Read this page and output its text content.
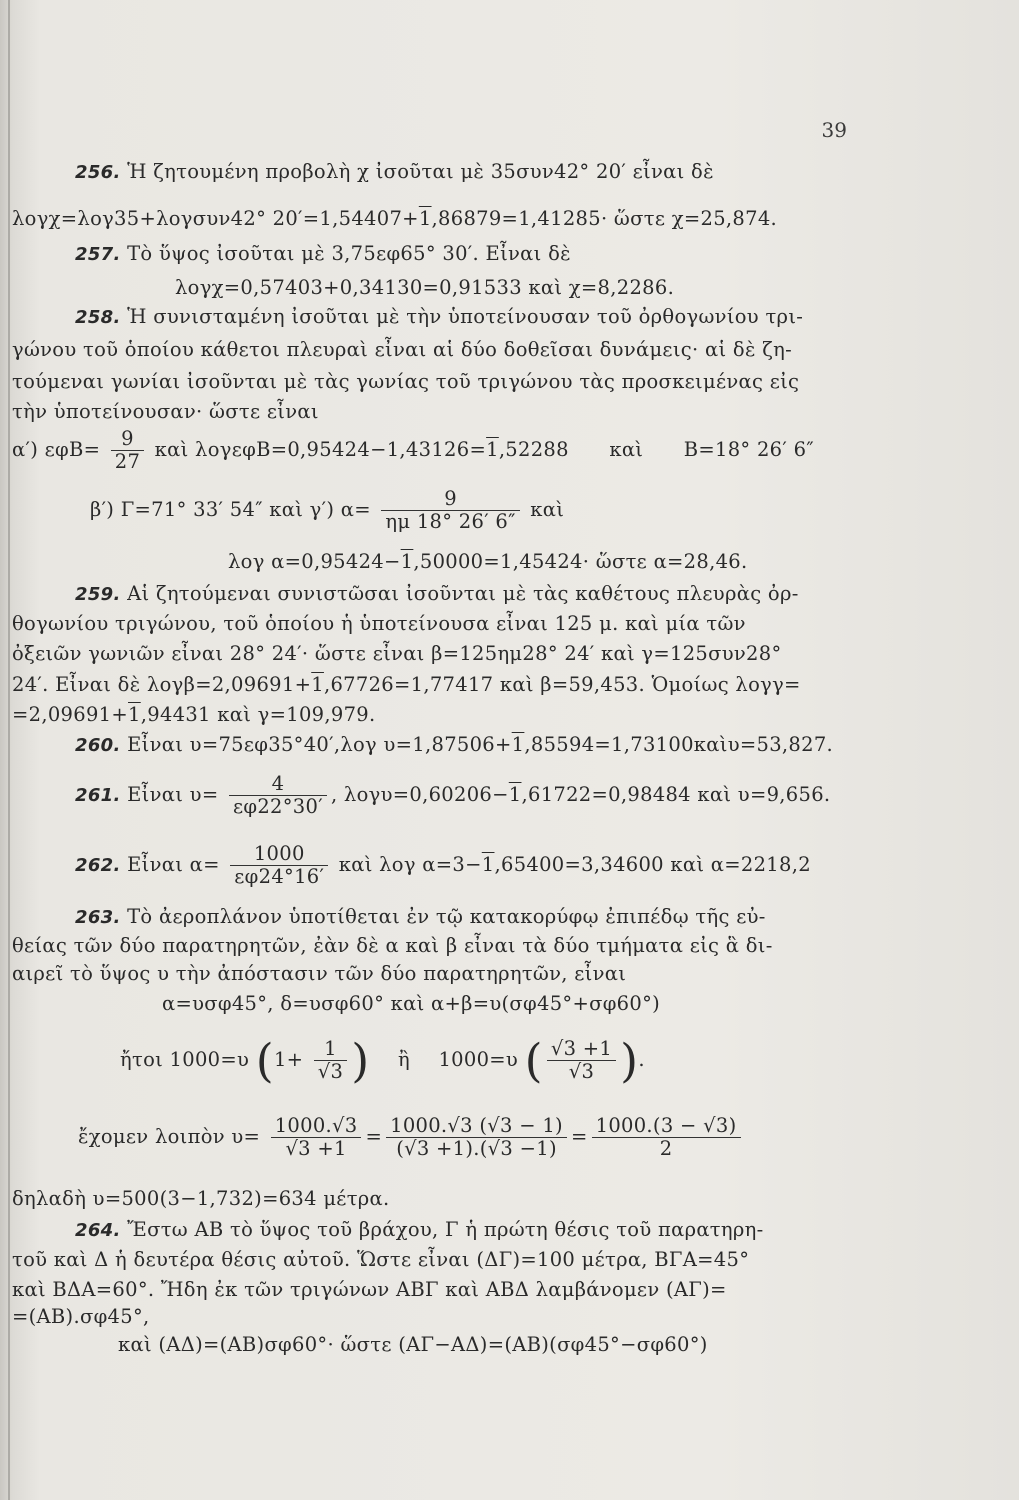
39
256. Ἡ ζητουμένη προβολὴ χ ἰσοῦται μὲ 35συν42° 20′ εἶναι δὲ
λογχ=λογ35+λογσυν42° 20′=1,54407+1,86879=1,41285· ὥστε χ=25,874.
257. Τὸ ὕψος ἰσοῦται μὲ 3,75εφ65° 30′. Εἶναι δὲ
λογχ=0,57403+0,34130=0,91533 καὶ χ=8,2286.
258. Ἡ συνισταμένη ἰσοῦται μὲ τὴν ὑποτείνουσαν τοῦ ὀρθογωνίου τρι-
γώνου τοῦ ὁποίου κάθετοι πλευραὶ εἶναι αἱ δύο δοθεῖσαι δυνάμεις· αἱ δὲ ζη-
τούμεναι γωνίαι ἰσοῦνται μὲ τὰς γωνίας τοῦ τριγώνου τὰς προσκειμένας εἰς
τὴν ὑποτείνουσαν· ὥστε εἶναι
α′) $\varepsilon\varphi B= \frac{9}{27}$ καὶ λογεφB=0,95424−1,43126=1,52288 καὶ B=18° 26′ 6″
β′) Γ=71° 33′ 54″ καὶ γ′) $\alpha= \frac{9}{\eta\mu 18^\circ 26' 6''}$ καὶ
λογ α=0,95424−1,50000=1,45424· ὥστε α=28,46.
259. Αἱ ζητούμεναι συνιστῶσαι ἰσοῦνται μὲ τὰς καθέτους πλευρὰς ὀρ-
θογωνίου τριγώνου, τοῦ ὁποίου ἡ ὑποτείνουσα εἶναι 125 μ. καὶ μία τῶν
ὀξειῶν γωνιῶν εἶναι 28° 24′· ὥστε εἶναι β=125ημ28° 24′ καὶ γ=125συν28°
24′. Εἶναι δὲ λογβ=2,09691+1,67726=1,77417 καὶ β=59,453. Ὁμοίως λογγ=
=2,09691+1,94431 καὶ γ=109,979.
260. Εἶναι υ=75εφ35°40′,λογ υ=1,87506+1,85594=1,73100καὶυ=53,827.
261. Εἶναι $\upsilon= \frac{4}{\varepsilon\varphi 22^\circ 30'}$ , λογυ=0,60206−1,61722=0,98484 καὶ υ=9,656.
262. Εἶναι $\alpha= \frac{1000}{\varepsilon\varphi 24^\circ 16'}$ καὶ λογ α=3−1,65400=3,34600 καὶ α=2218,2
263. Τὸ ἀεροπλάνον ὑποτίθεται ἐν τῷ κατακορύφῳ ἐπιπέδῳ τῆς εὐ-
θείας τῶν δύο παρατηρητῶν, ἐὰν δὲ α καὶ β εἶναι τὰ δύο τμήματα εἰς ἃ δι-
αιρεῖ τὸ ὕψος υ τὴν ἀπόστασιν τῶν δύο παρατηρητῶν, εἶναι
α=υσφ45°, δ=υσφ60° καὶ α+β=υ(σφ45°+σφ60°)
ἤτοι 1000=υ ($1+ \frac{1}{√3}$ ) ἢ 1000=υ ( $\frac{√3 +1}{√3}$ ).
ἔχομεν λοιπὸν $\upsilon= \frac{1000.√3}{√3 +1} = \frac{1000.√3 (√3 - 1)}{(√3 +1).(√3 -1)} = \frac{1000.(3 - √3)}{2}$
δηλαδὴ υ=500(3−1,732)=634 μέτρα.
264. Ἔστω AB τὸ ὕψος τοῦ βράχου, Γ ἡ πρώτη θέσις τοῦ παρατηρη-
τοῦ καὶ Δ ἡ δευτέρα θέσις αὐτοῦ. Ὥστε εἶναι (ΔΓ)=100 μέτρα, BΓA=45°
καὶ BΔA=60°. Ἤδη ἐκ τῶν τριγώνων ABΓ καὶ ABΔ λαμβάνομεν (AΓ)=
=(AB).σφ45°,
καὶ (AΔ)=(AB)σφ60°· ὥστε (AΓ−AΔ)=(AB)(σφ45°−σφ60°)
